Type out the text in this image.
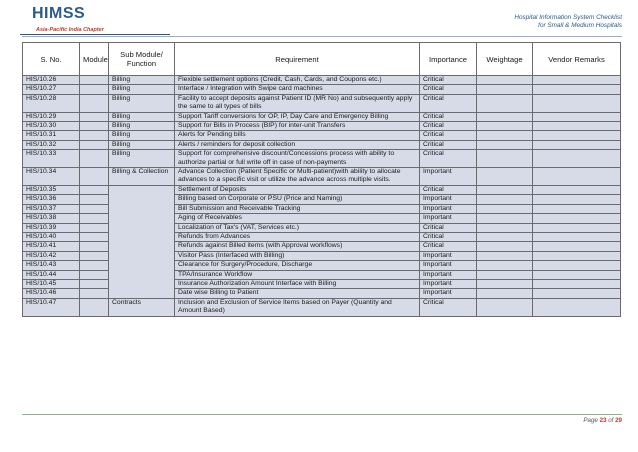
HIMSS
Asia-Pacific India Chapter
Hospital Information System Checklist
for Small & Medium Hospitals
S. No.	Module	Sub Module/ Function	Requirement	Importance	Weightage	Vendor Remarks
HIS/10.26		Billing	Flexible settlement options (Credit, Cash, Cards, and Coupons etc.)	Critical		
HIS/10.27		Billing	Interface / Integration with Swipe card machines	Critical		
HIS/10.28		Billing	Facility to accept deposits against Patient ID (MR No) and subsequently apply the same to all types of bills	Critical		
HIS/10.29		Billing	Support Tariff conversions for OP, IP, Day Care and Emergency Billing	Critical		
HIS/10.30		Billing	Support for Bills in Process (BIP) for inter-unit Transfers	Critical		
HIS/10.31		Billing	Alerts for Pending bills	Critical		
HIS/10.32		Billing	Alerts / reminders for deposit collection	Critical		
HIS/10.33		Billing	Support for comprehensive discount/Concessions process with ability to authorize partial or full write off in case of non-payments	Critical		
HIS/10.34		Billing & Collection	Advance Collection (Patient Specific or Multi-patient)with ability to allocate advances to a specific visit or utilize the advance across multiple visits.	Important		
HIS/10.35			Settlement of Deposits	Critical		
HIS/10.36			Billing based on Corporate or PSU (Price and Naming)	Important		
HIS/10.37			Bill Submission and Receivable Tracking	Important		
HIS/10.38			Aging of Receivables	Important		
HIS/10.39			Localization of Tax's (VAT, Services etc.)	Critical		
HIS/10.40			Refunds from Advances	Critical		
HIS/10.41			Refunds against Billed items (with Approval workflows)	Critical		
HIS/10.42			Visitor Pass (Interfaced with Billing)	Important		
HIS/10.43			Clearance for Surgery/Procedure, Discharge	Important		
HIS/10.44			TPA/Insurance Workflow	Important		
HIS/10.45			Insurance Authorization Amount Interface with Billing	Important		
HIS/10.46			Date wise Billing to Patient	Important		
HIS/10.47		Contracts	Inclusion and Exclusion of Service Items based on Payer (Quantity and Amount Based)	Critical		
Page 23 of 29
